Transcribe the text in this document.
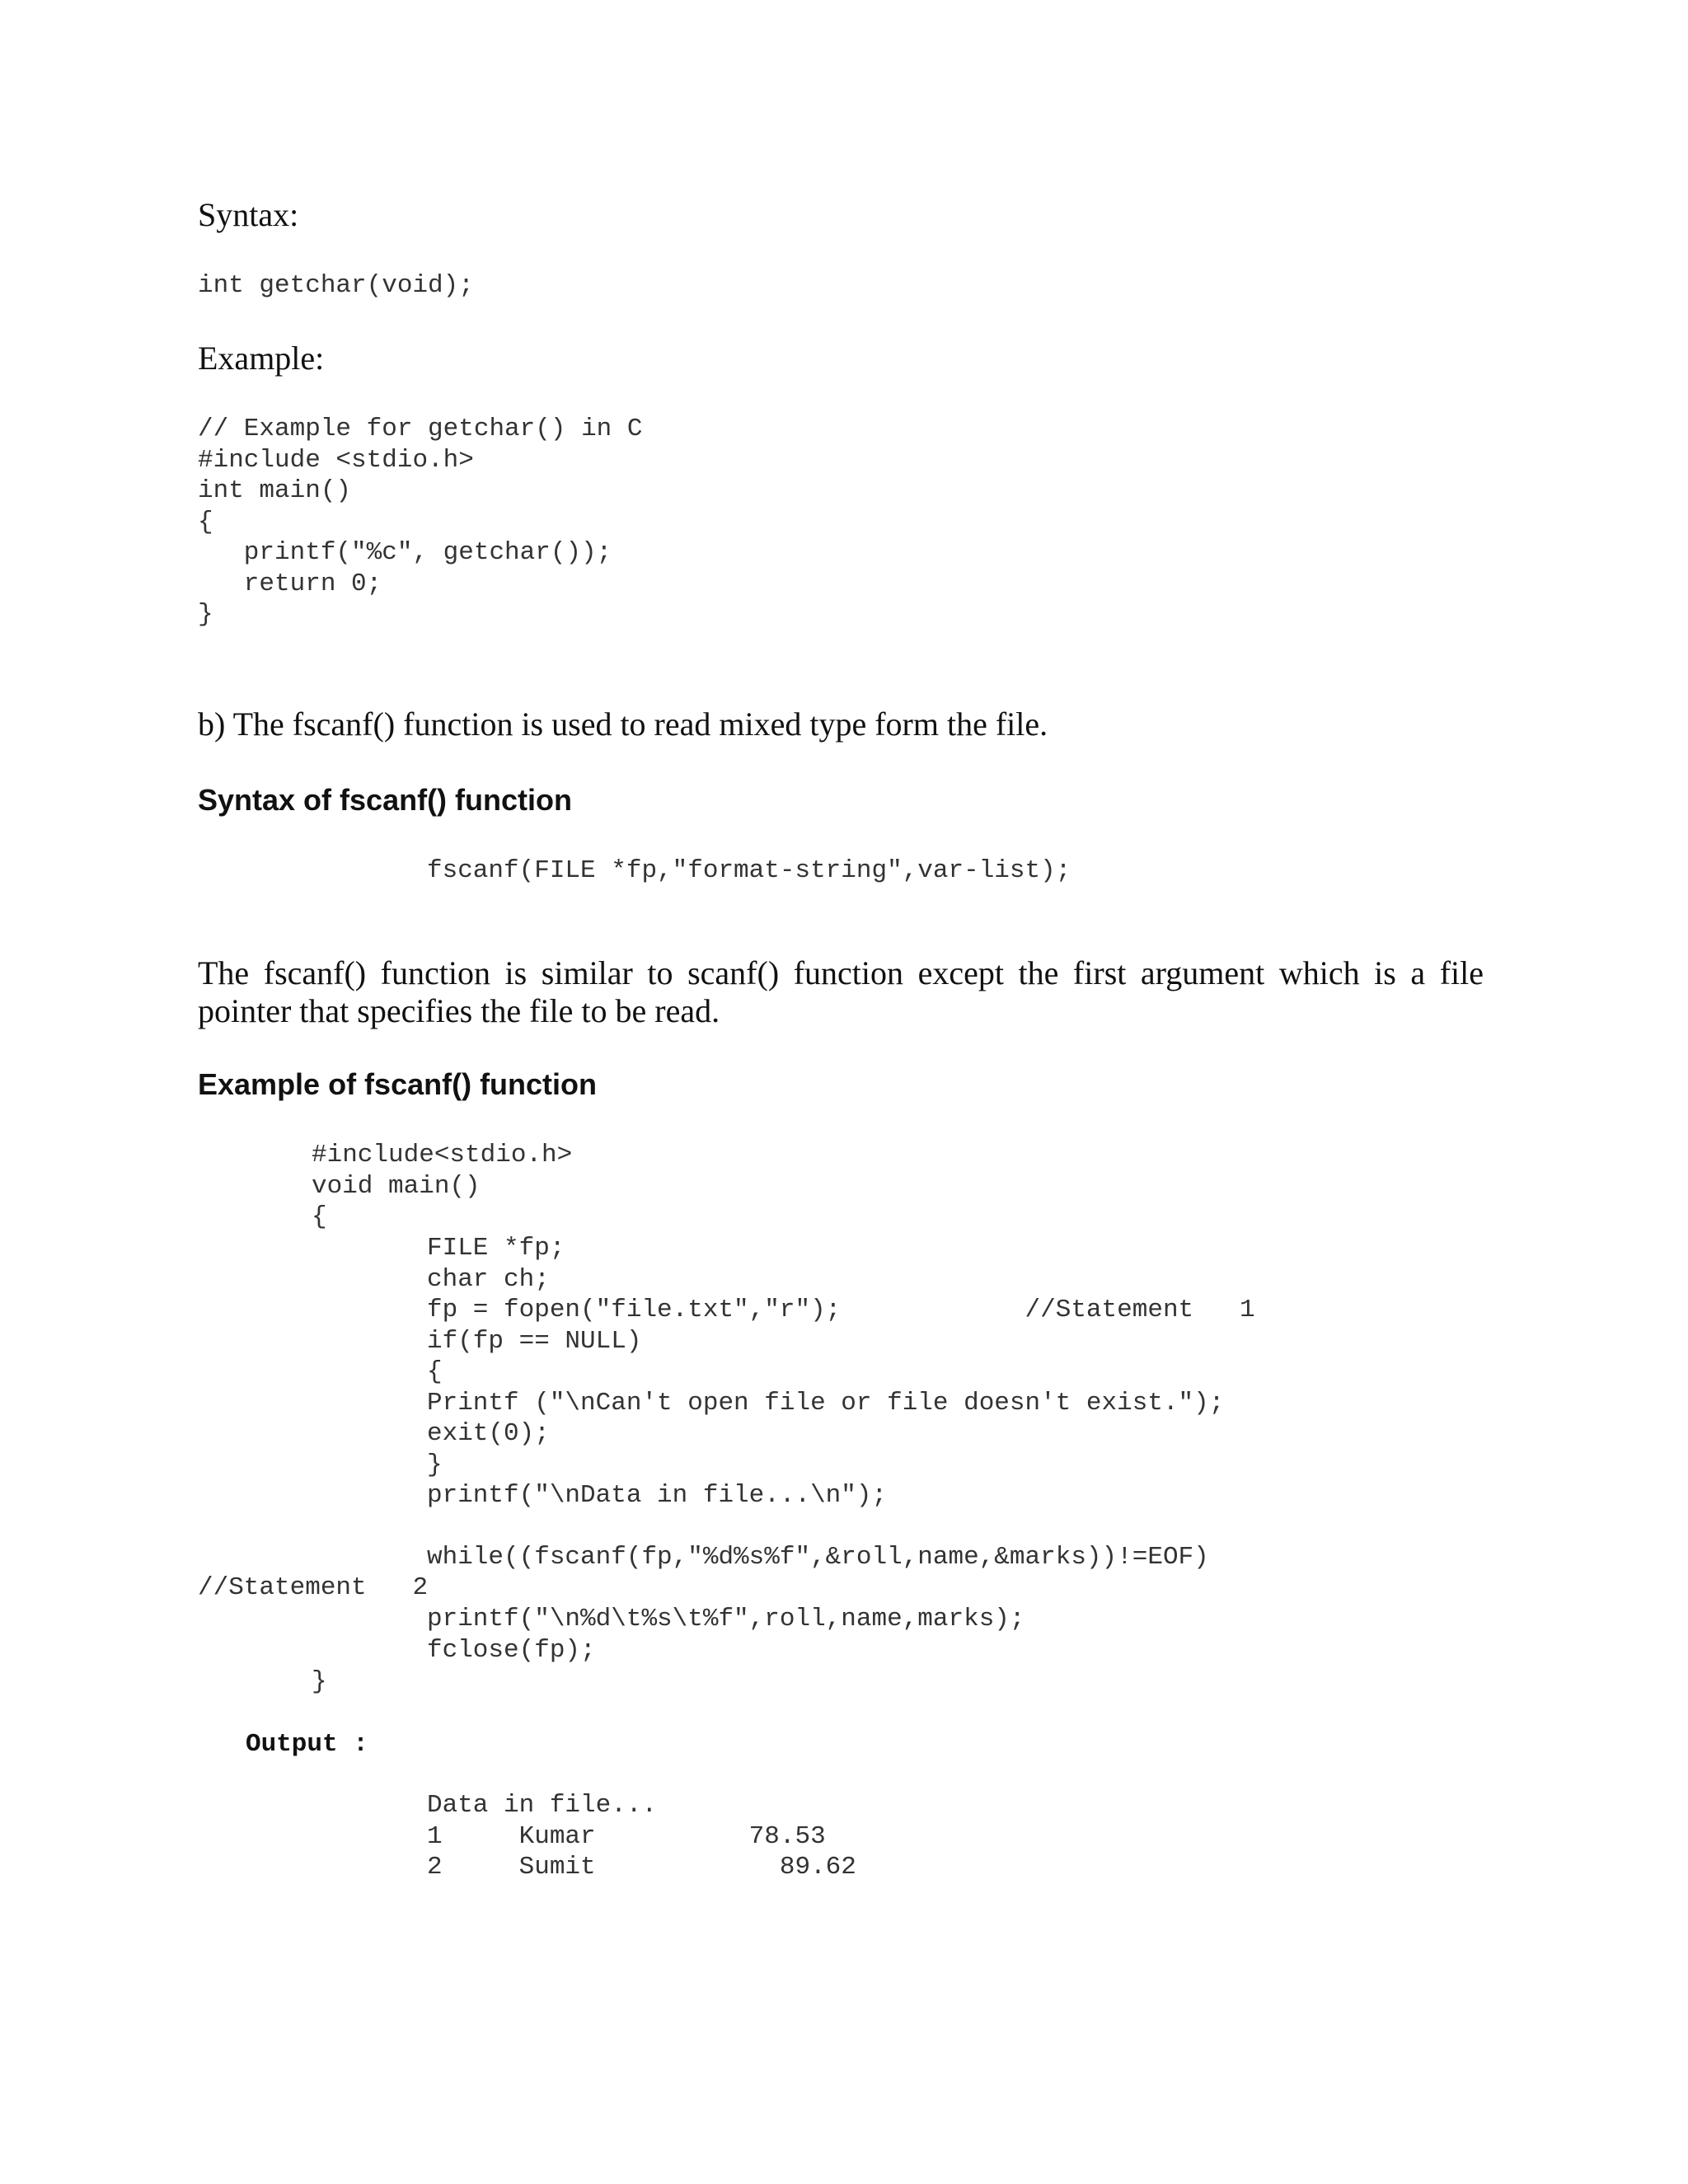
Syntax:
int getchar(void);
Example:
// Example for getchar() in C
#include <stdio.h>
int main()
{
printf("%c", getchar());
return 0;
}
b) The fscanf() function is used to read mixed type form the file.
Syntax of fscanf() function
fscanf(FILE *fp,"format-string",var-list);
The fscanf() function is similar to scanf() function except the first argument which is a file pointer that specifies the file to be read.
Example of fscanf() function
#include<stdio.h>
void main()
{
FILE *fp;
char ch;
fp = fopen("file.txt","r");            //Statement   1
if(fp == NULL)
{
Printf ("\nCan't open file or file doesn't exist.");
exit(0);
}
printf("\nData in file...\n");

while((fscanf(fp,"%d%s%f",&roll,name,&marks))!=EOF)
//Statement   2
printf("\n%d\t%s\t%f",roll,name,marks);
fclose(fp);
}
Output :
Data in file...
1     Kumar          78.53
2     Sumit            89.62
